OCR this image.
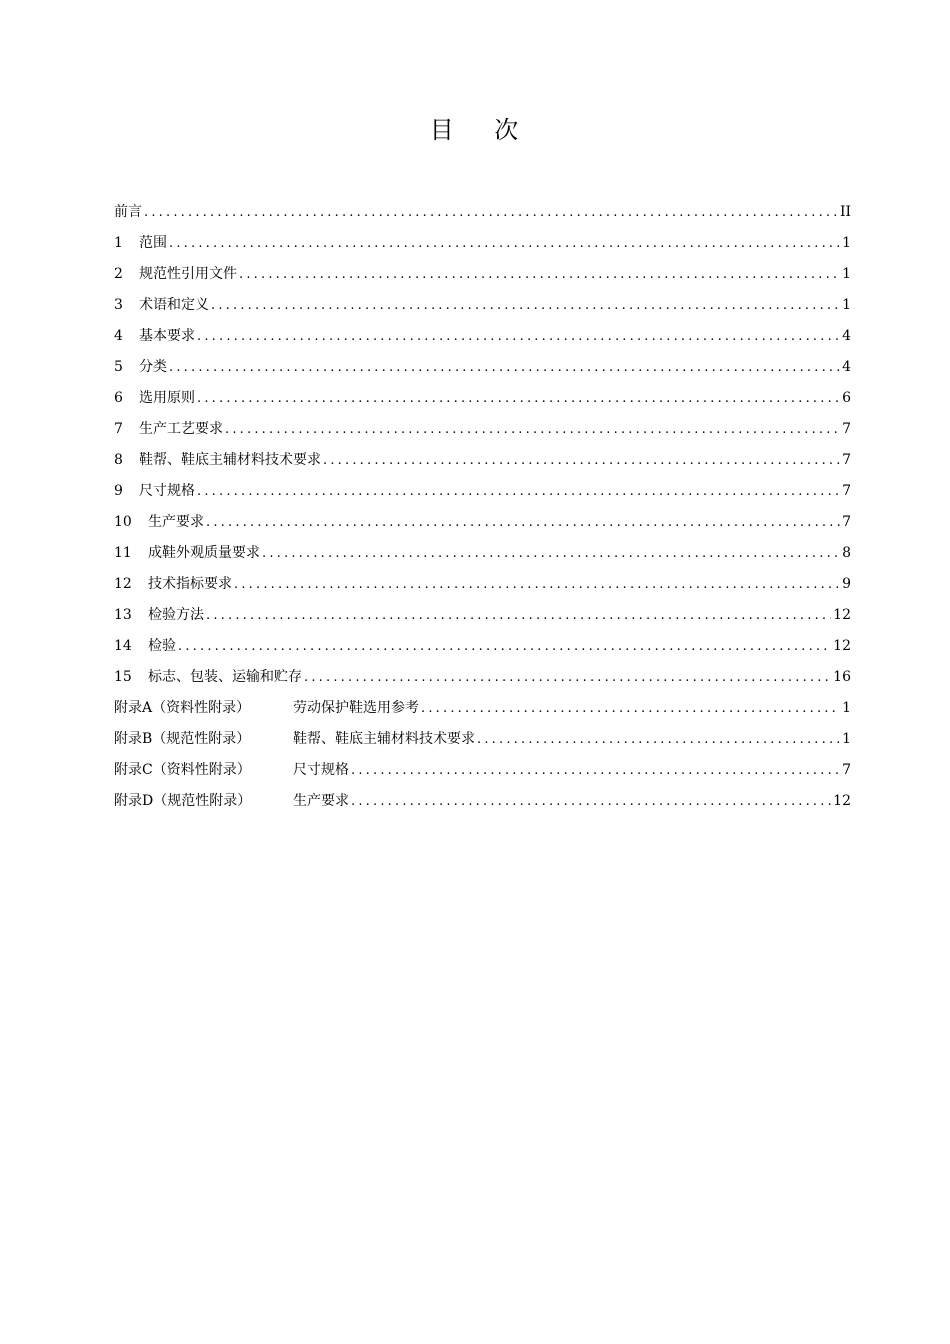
目    次
前言 .....	II
1	范围 .....	1
2	规范性引用文件 .....	1
3	术语和定义 .....	1
4	基本要求 .....	4
5	分类 .....	4
6	选用原则 .....	6
7	生产工艺要求 .....	7
8	鞋帮、鞋底主辅材料技术要求 .....	7
9	尺寸规格 .....	7
10	生产要求 .....	7
11	成鞋外观质量要求 .....	8
12	技术指标要求 .....	9
13	检验方法 .....	12
14	检验 .....	12
15	标志、包装、运输和贮存 .....	16
附录A（资料性附录）	劳动保护鞋选用参考 .....	1
附录B（规范性附录）	鞋帮、鞋底主辅材料技术要求 .....	1
附录C（资料性附录）	尺寸规格 .....	7
附录D（规范性附录）	生产要求 .....	12
